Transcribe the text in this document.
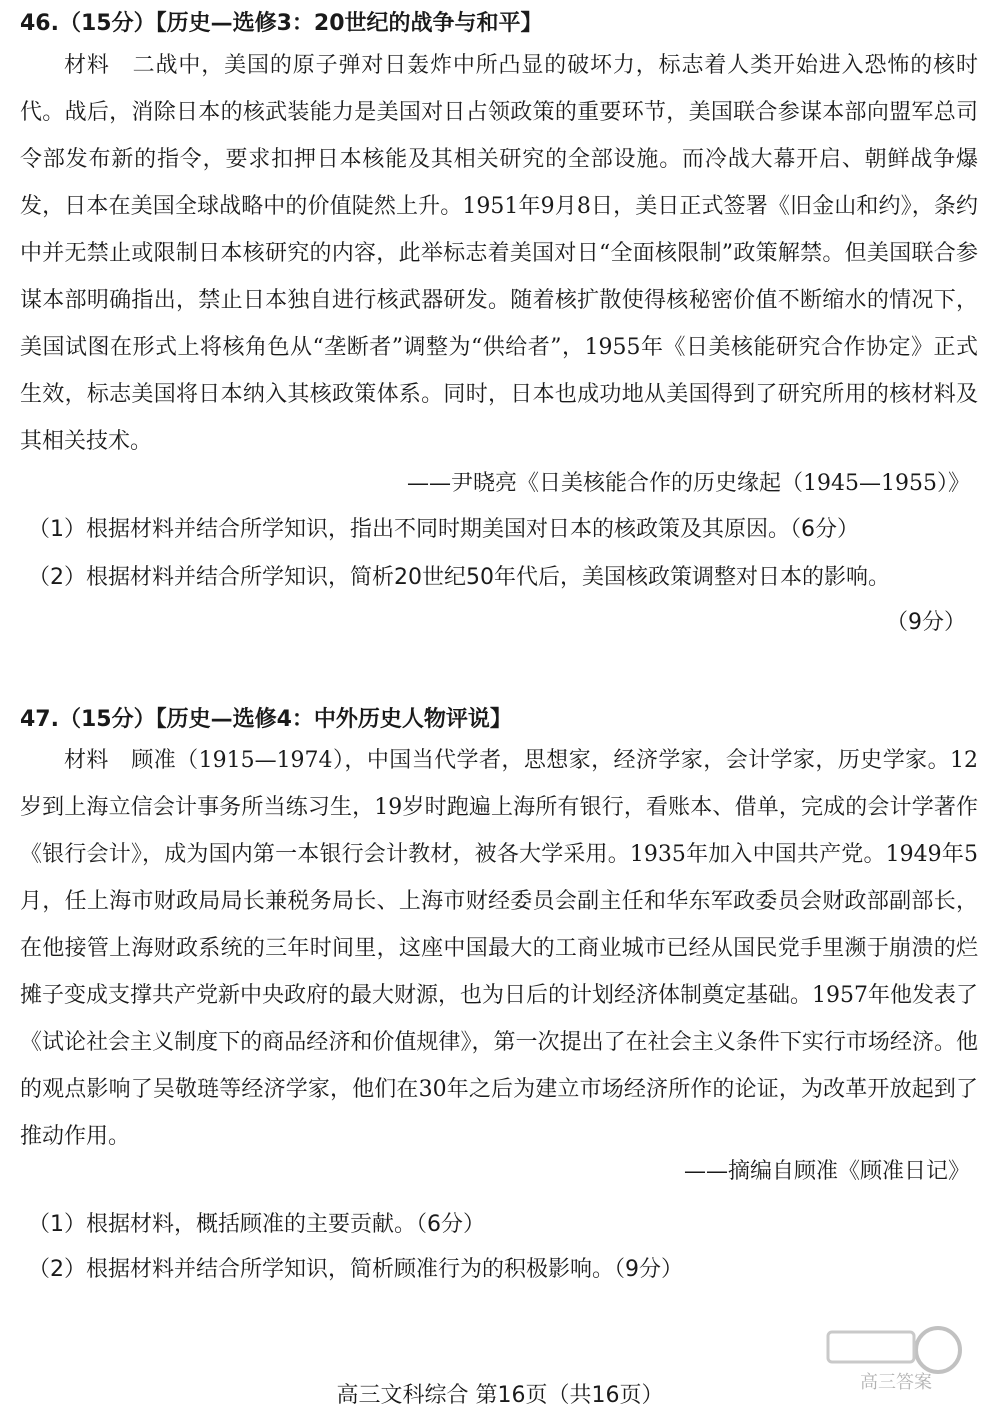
46.（15分）【历史—选修3：20世纪的战争与和平】
材料　二战中，美国的原子弹对日轰炸中所凸显的破坏力，标志着人类开始进入恐怖的核时代。战后，消除日本的核武装能力是美国对日占领政策的重要环节，美国联合参谋本部向盟军总司令部发布新的指令，要求扣押日本核能及其相关研究的全部设施。而冷战大幕开启、朝鲜战争爆发，日本在美国全球战略中的价值陡然上升。1951年9月8日，美日正式签署《旧金山和约》，条约中并无禁止或限制日本核研究的内容，此举标志着美国对日“全面核限制”政策解禁。但美国联合参谋本部明确指出，禁止日本独自进行核武器研发。随着核扩散使得核秘密价值不断缩水的情况下，美国试图在形式上将核角色从“垄断者”调整为“供给者”，1955年《日美核能研究合作协定》正式生效，标志美国将日本纳入其核政策体系。同时，日本也成功地从美国得到了研究所用的核材料及其相关技术。
——尹晓亮《日美核能合作的历史缘起（1945—1955）》
（1）根据材料并结合所学知识，指出不同时期美国对日本的核政策及其原因。（6分）
（2）根据材料并结合所学知识，简析20世纪50年代后，美国核政策调整对日本的影响。
（9分）
47.（15分）【历史—选修4：中外历史人物评说】
材料　顾准（1915—1974），中国当代学者，思想家，经济学家，会计学家，历史学家。12岁到上海立信会计事务所当练习生，19岁时跑遍上海所有银行，看账本、借单，完成的会计学著作《银行会计》，成为国内第一本银行会计教材，被各大学采用。1935年加入中国共产党。1949年5月，任上海市财政局局长兼税务局长、上海市财经委员会副主任和华东军政委员会财政部副部长，在他接管上海财政系统的三年时间里，这座中国最大的工商业城市已经从国民党手里濒于崩溃的烂摊子变成支撑共产党新中央政府的最大财源，也为日后的计划经济体制奠定基础。1957年他发表了《试论社会主义制度下的商品经济和价值规律》，第一次提出了在社会主义条件下实行市场经济。他的观点影响了吴敬琏等经济学家，他们在30年之后为建立市场经济所作的论证，为改革开放起到了推动作用。
——摘编自顾准《顾准日记》
（1）根据材料，概括顾准的主要贡献。（6分）
（2）根据材料并结合所学知识，简析顾准行为的积极影响。（9分）
高三答案
高三文科综合 第16页（共16页）
